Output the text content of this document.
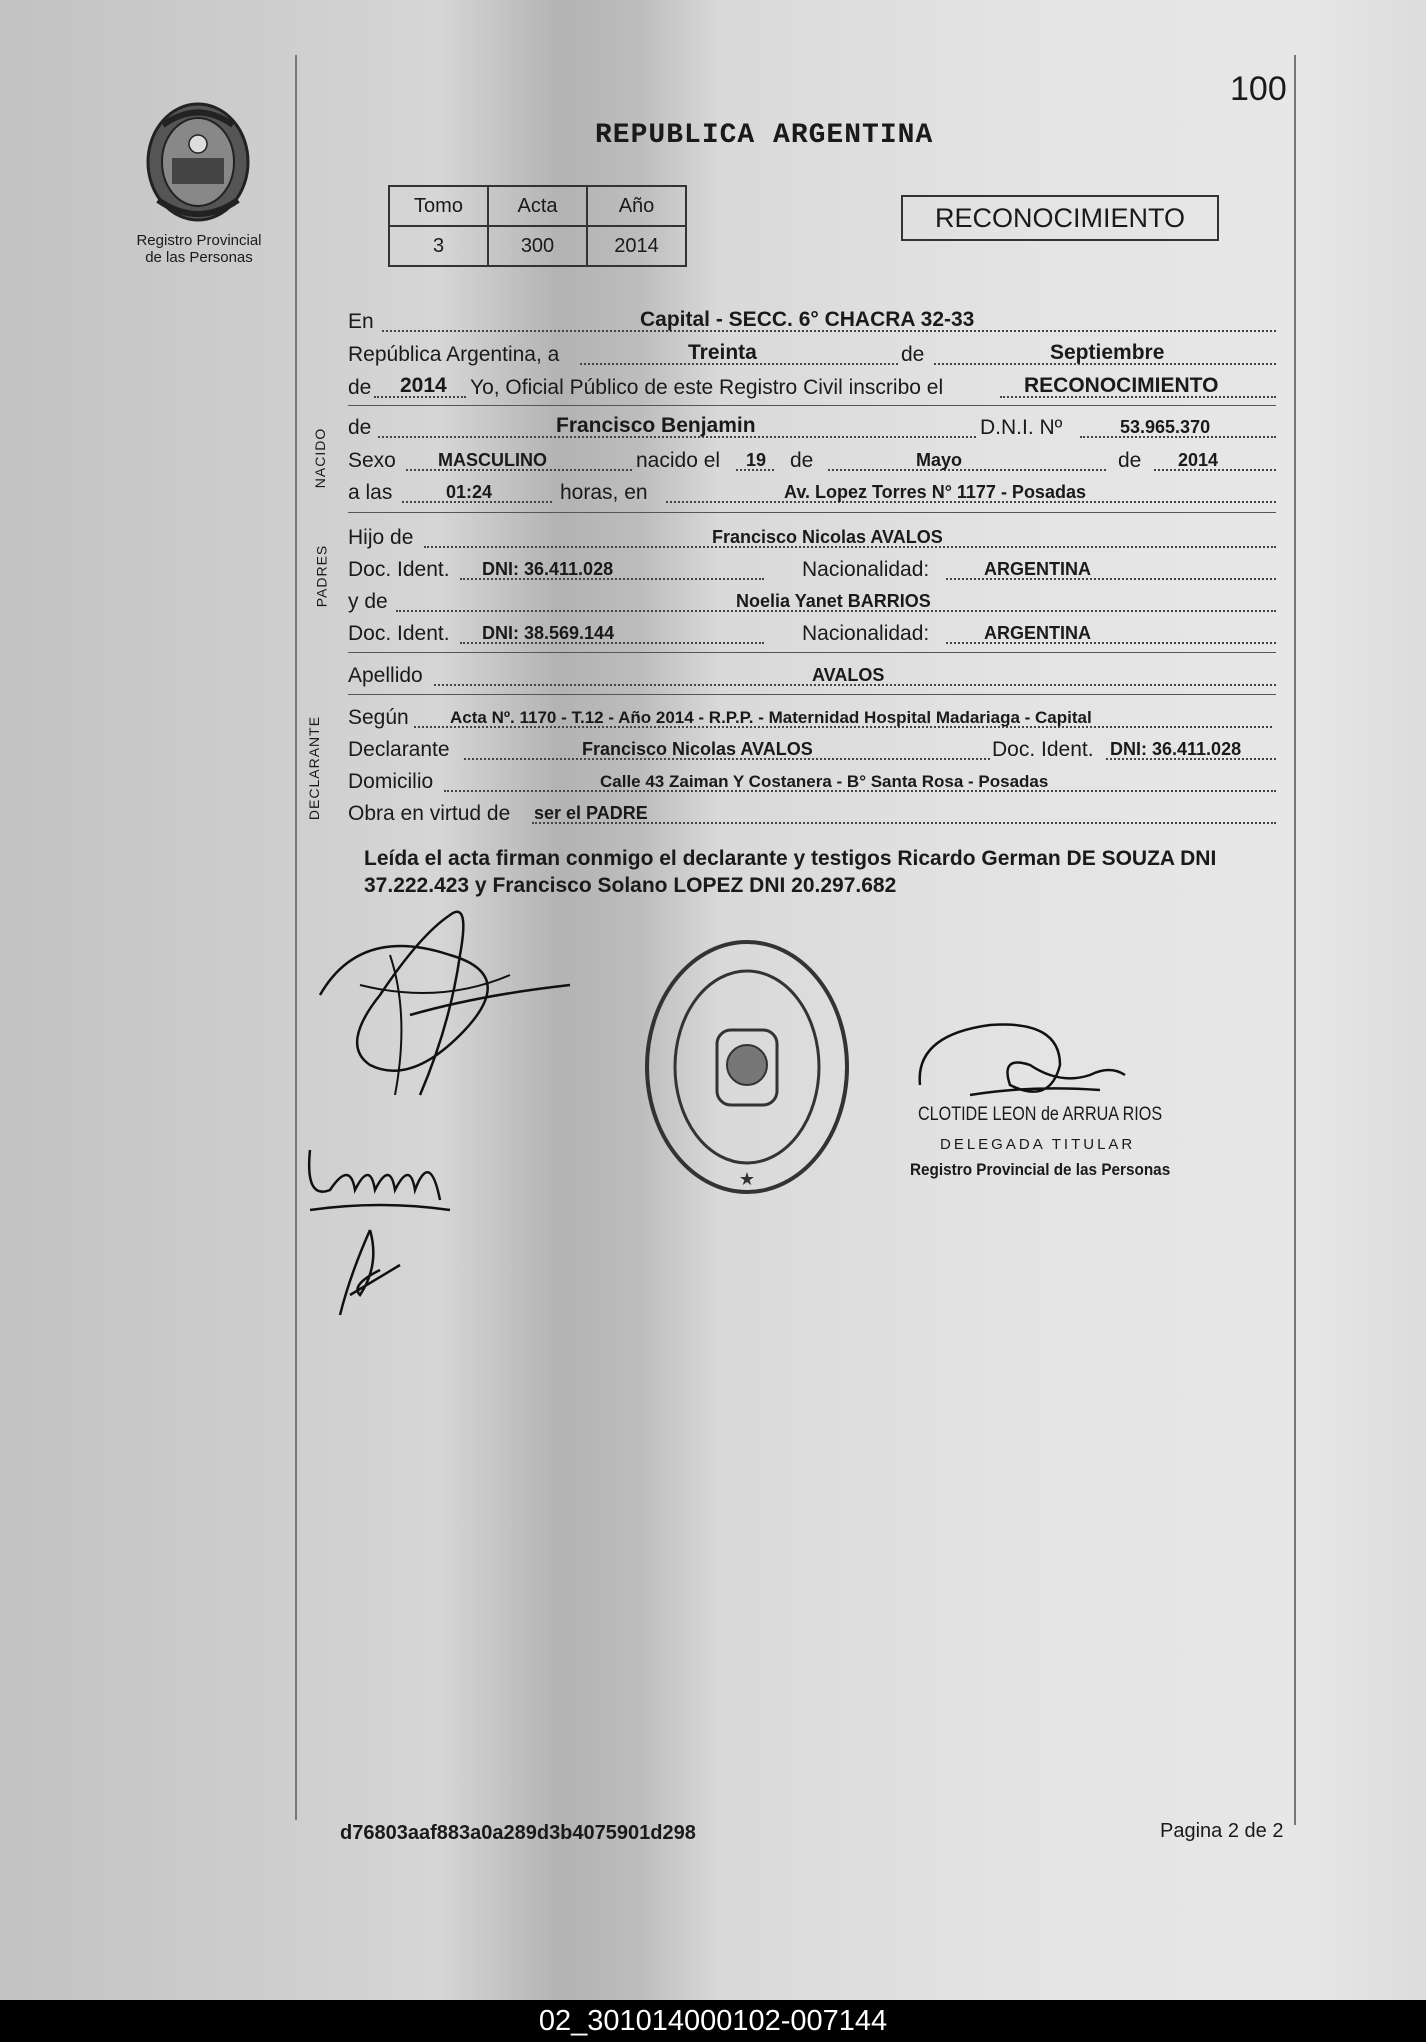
100
Registro Provincial
de las Personas
REPUBLICA ARGENTINA
Tomo	Acta	Año
3	300	2014
RECONOCIMIENTO
En	Capital - SECC. 6° CHACRA 32-33
República Argentina, a	Treinta	de	Septiembre
de 2014 Yo, Oficial Público de este Registro Civil inscribo el	RECONOCIMIENTO
de	Francisco Benjamin	D.N.I. Nº	53.965.370
Sexo MASCULINO	nacido el 19 de	Mayo	de 2014
a las	01:24	horas, en	Av. Lopez Torres N° 1177 - Posadas
Hijo de	Francisco Nicolas AVALOS
Doc. Ident. DNI: 36.411.028	Nacionalidad:	ARGENTINA
y de	Noelia Yanet BARRIOS
Doc. Ident. DNI: 38.569.144	Nacionalidad:	ARGENTINA
Apellido	AVALOS
Según Acta Nº. 1170 - T.12 - Año 2014 - R.P.P. - Maternidad Hospital Madariaga - Capital
Declarante	Francisco Nicolas AVALOS	Doc. Ident. DNI: 36.411.028
Domicilio	Calle 43 Zaiman Y Costanera - B° Santa Rosa - Posadas
Obra en virtud de ser el PADRE
NACIDO
PADRES
DECLARANTE
Leída el acta firman conmigo el declarante y testigos Ricardo German DE SOUZA DNI 37.222.423 y Francisco Solano LOPEZ DNI 20.297.682
★
CLOTIDE LEON de ARRUA RIOS
DELEGADA TITULAR
Registro Provincial de las Personas
d76803aaf883a0a289d3b4075901d298	Pagina 2 de 2
02_301014000102-007144
